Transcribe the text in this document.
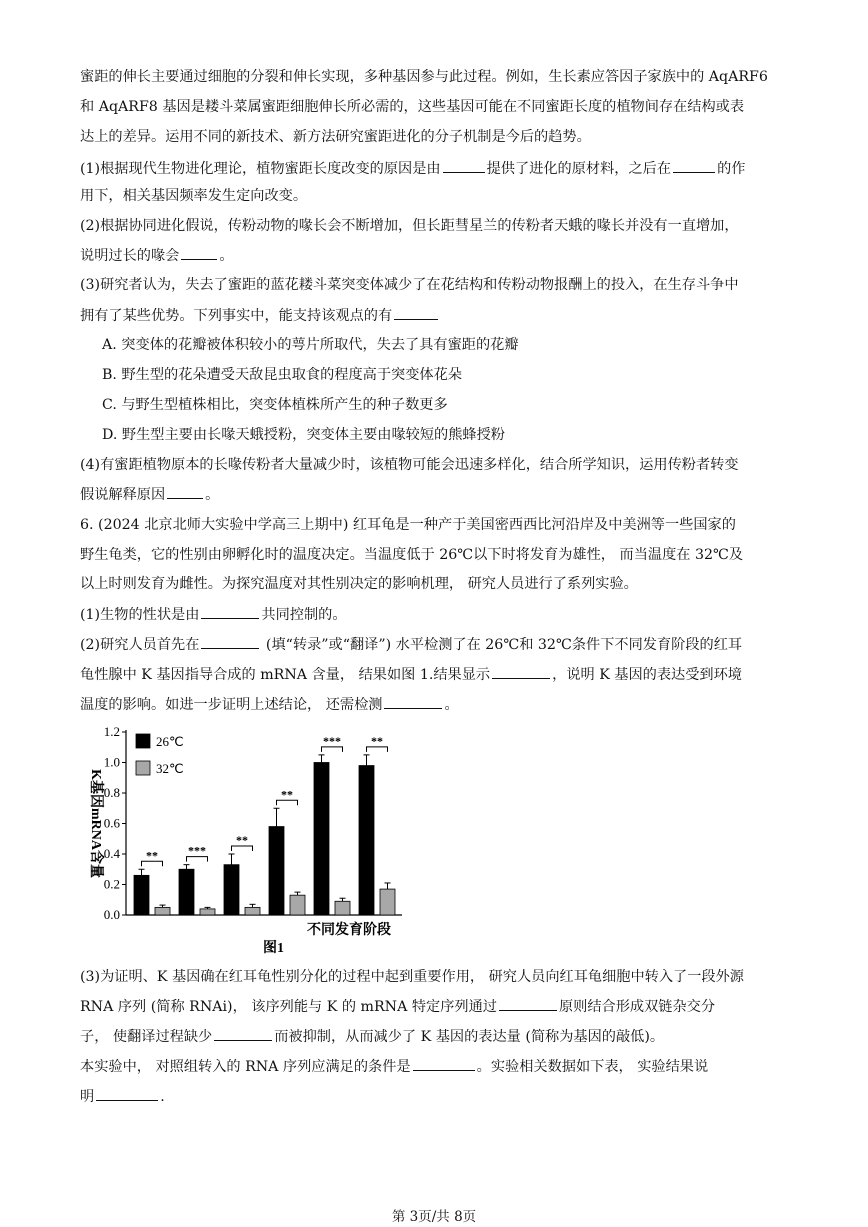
蜜距的伸长主要通过细胞的分裂和伸长实现，多种基因参与此过程。例如，生长素应答因子家族中的 AqARF6
和 AqARF8 基因是耧斗菜属蜜距细胞伸长所必需的，这些基因可能在不同蜜距长度的植物间存在结构或表
达上的差异。运用不同的新技术、新方法研究蜜距进化的分子机制是今后的趋势。
(1)根据现代生物进化理论，植物蜜距长度改变的原因是由	提供了进化的原材料，之后在	的作
用下，相关基因频率发生定向改变。
(2)根据协同进化假说，传粉动物的喙长会不断增加，但长距彗星兰的传粉者天蛾的喙长并没有一直增加，
说明过长的喙会	。
(3)研究者认为，失去了蜜距的蓝花耧斗菜突变体减少了在花结构和传粉动物报酬上的投入，在生存斗争中
拥有了某些优势。下列事实中，能支持该观点的有
A. 突变体的花瓣被体积较小的萼片所取代，失去了具有蜜距的花瓣
B. 野生型的花朵遭受天敌昆虫取食的程度高于突变体花朵
C. 与野生型植株相比，突变体植株所产生的种子数更多
D. 野生型主要由长喙天蛾授粉，突变体主要由喙较短的熊蜂授粉
(4)有蜜距植物原本的长喙传粉者大量减少时，该植物可能会迅速多样化，结合所学知识，运用传粉者转变
假说解释原因	。
6. (2024 北京北师大实验中学高三上期中) 红耳龟是一种产于美国密西西比河沿岸及中美洲等一些国家的
野生龟类，它的性别由卵孵化时的温度决定。当温度低于 26℃以下时将发育为雄性， 而当温度在 32℃及
以上时则发育为雌性。为探究温度对其性别决定的影响机理， 研究人员进行了系列实验。
(1)生物的性状是由	共同控制的。
(2)研究人员首先在	(填“转录”或“翻译”) 水平检测了在 26℃和 32℃条件下不同发育阶段的红耳
龟性腺中 K 基因指导合成的 mRNA 含量， 结果如图 1.结果显示	，说明 K 基因的表达受到环境
温度的影响。如进一步证明上述结论， 还需检测	。
0.0
0.2
0.4
0.6
0.8
1.0
1.2
K基因mRNA含量	**	***
**
**
***	**
26℃
32℃
不同发育阶段
图1
(3)为证明、K 基因确在红耳龟性别分化的过程中起到重要作用， 研究人员向红耳龟细胞中转入了一段外源
RNA 序列 (简称 RNAi)， 该序列能与 K 的 mRNA 特定序列通过	原则结合形成双链杂交分
子， 使翻译过程缺少	而被抑制，从而减少了 K 基因的表达量 (简称为基因的敲低)。
本实验中， 对照组转入的 RNA 序列应满足的条件是	。实验相关数据如下表， 实验结果说
明	.
第 3页/共 8页
